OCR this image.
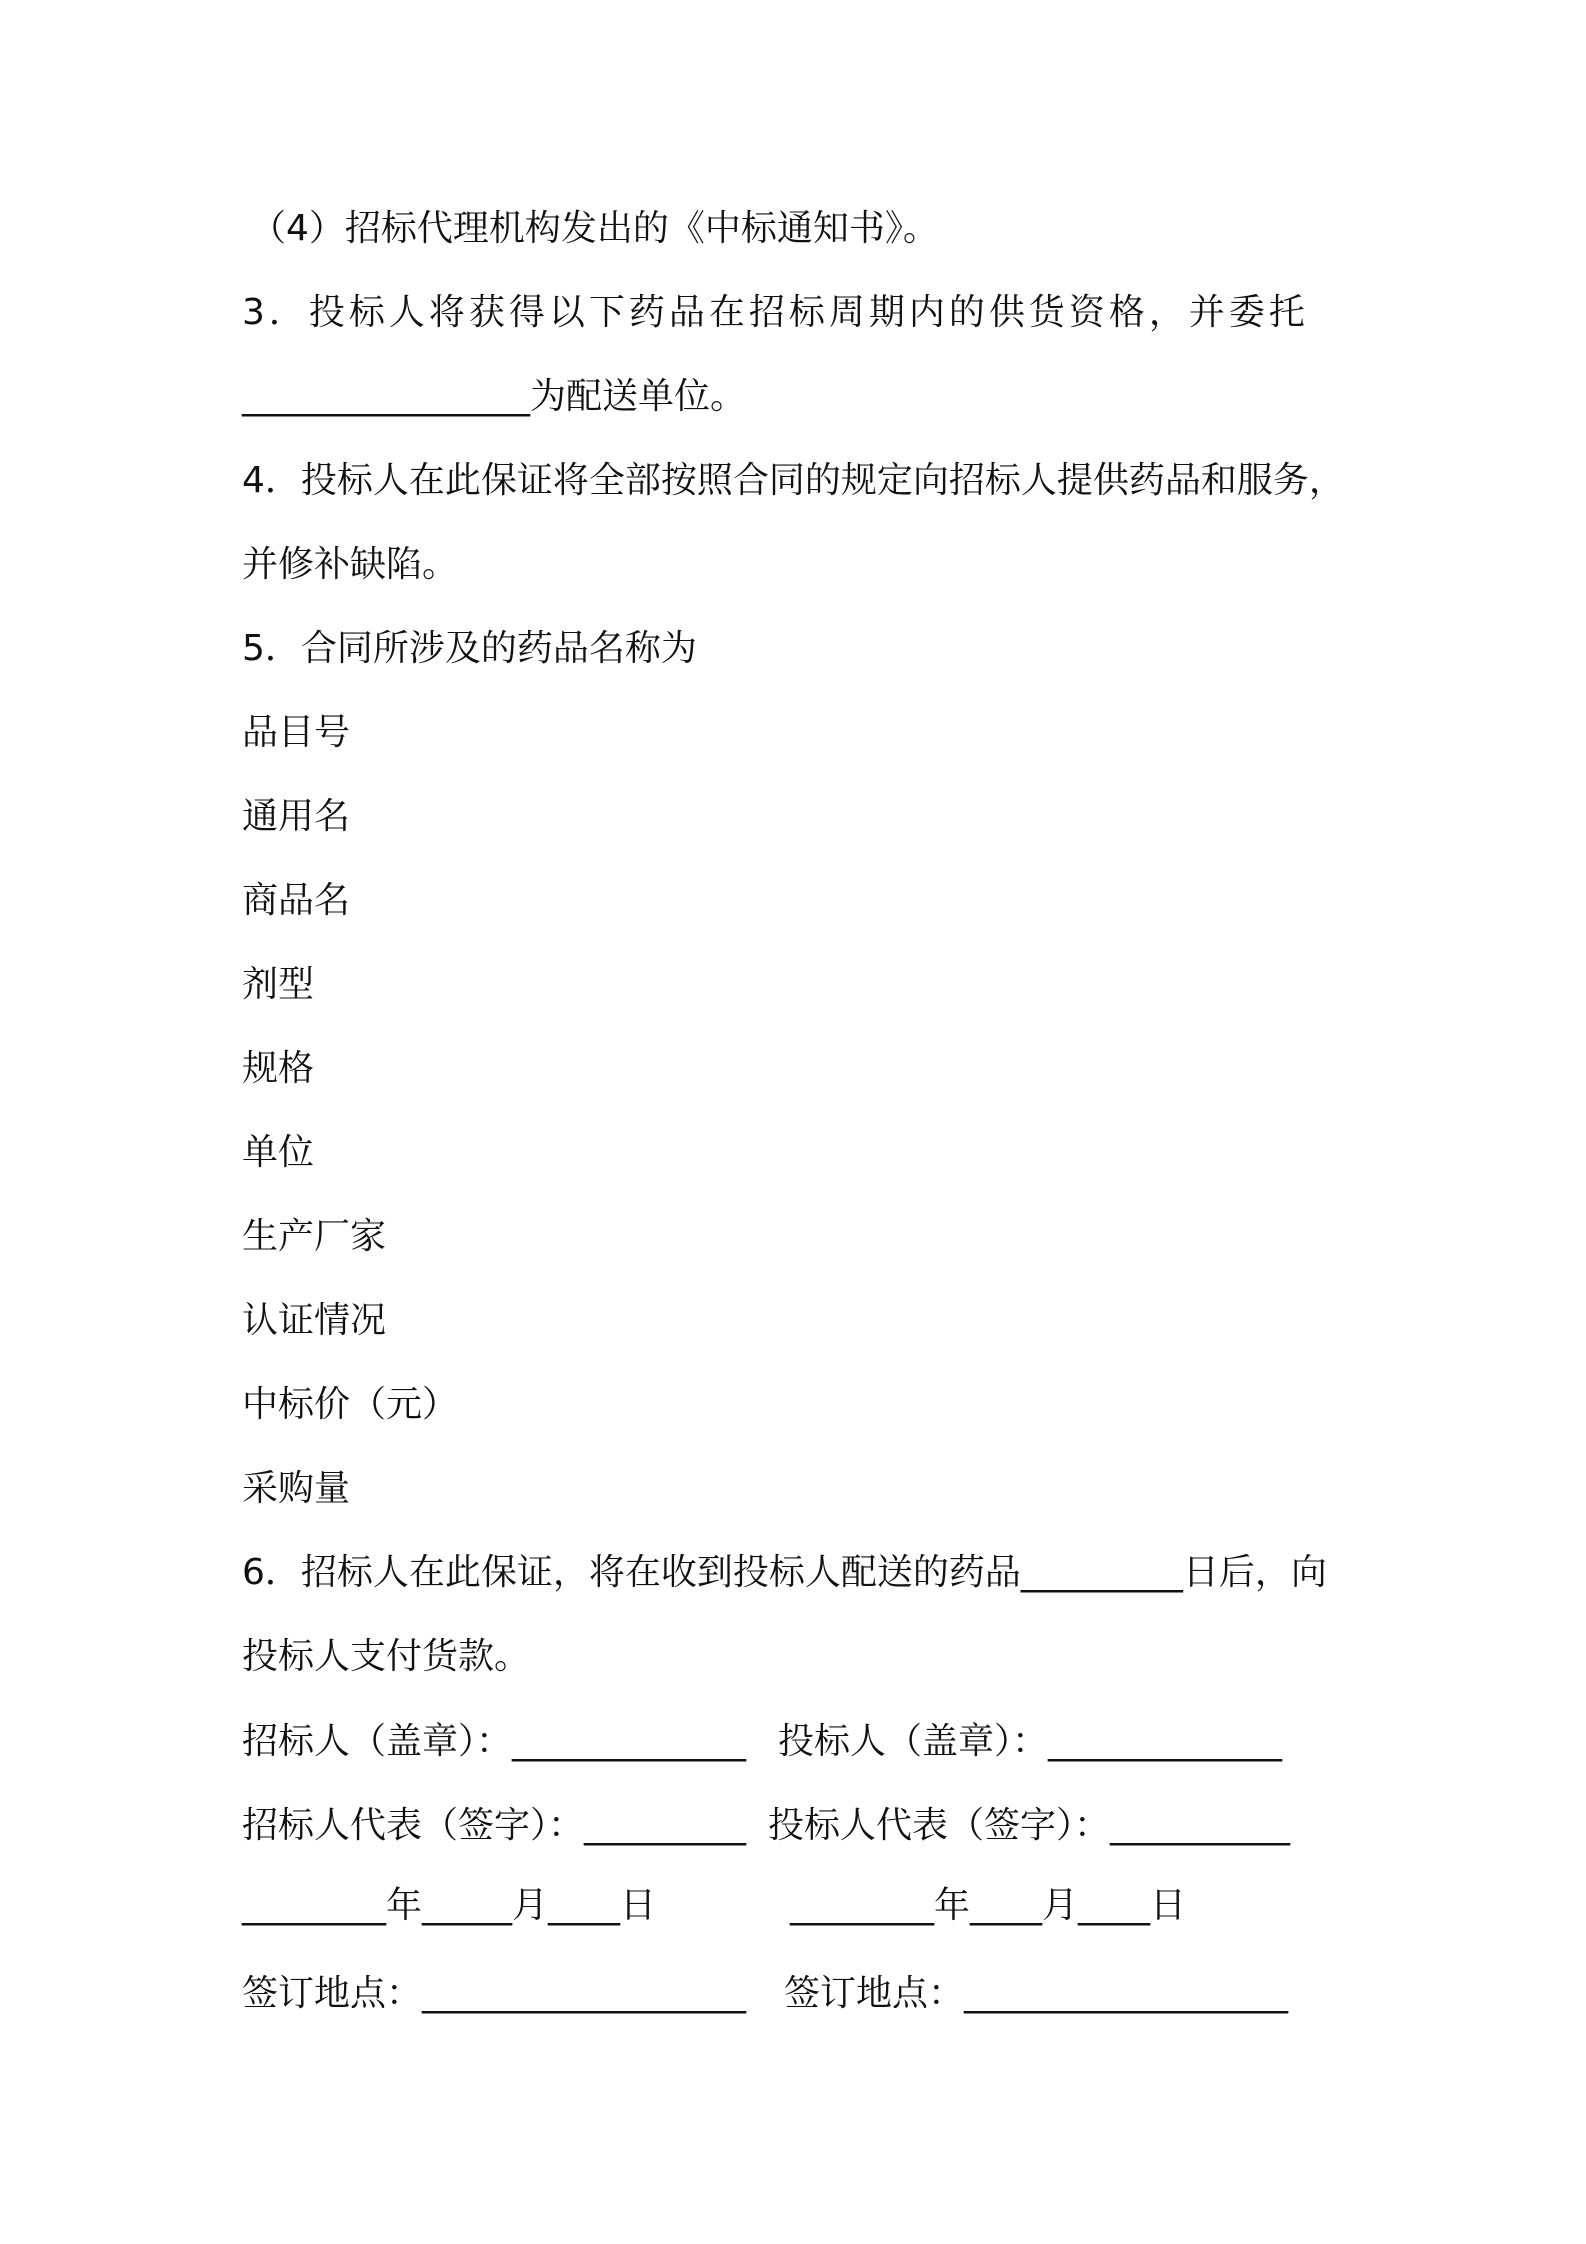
（4）招标代理机构发出的《中标通知书》。
3．投标人将获得以下药品在招标周期内的供货资格，并委托
________________为配送单位。
4．投标人在此保证将全部按照合同的规定向招标人提供药品和服务，
并修补缺陷。
5．合同所涉及的药品名称为
品目号
通用名
商品名
剂型
规格
单位
生产厂家
认证情况
中标价（元）
采购量
6．招标人在此保证，将在收到投标人配送的药品_________日后，向
投标人支付货款。
招标人（盖章）：_____________ 投标人（盖章）：_____________
招标人代表（签字）：_________ 投标人代表（签字）：__________
________年_____月____日	________年____月____日
签订地点：__________________ 签订地点：__________________
